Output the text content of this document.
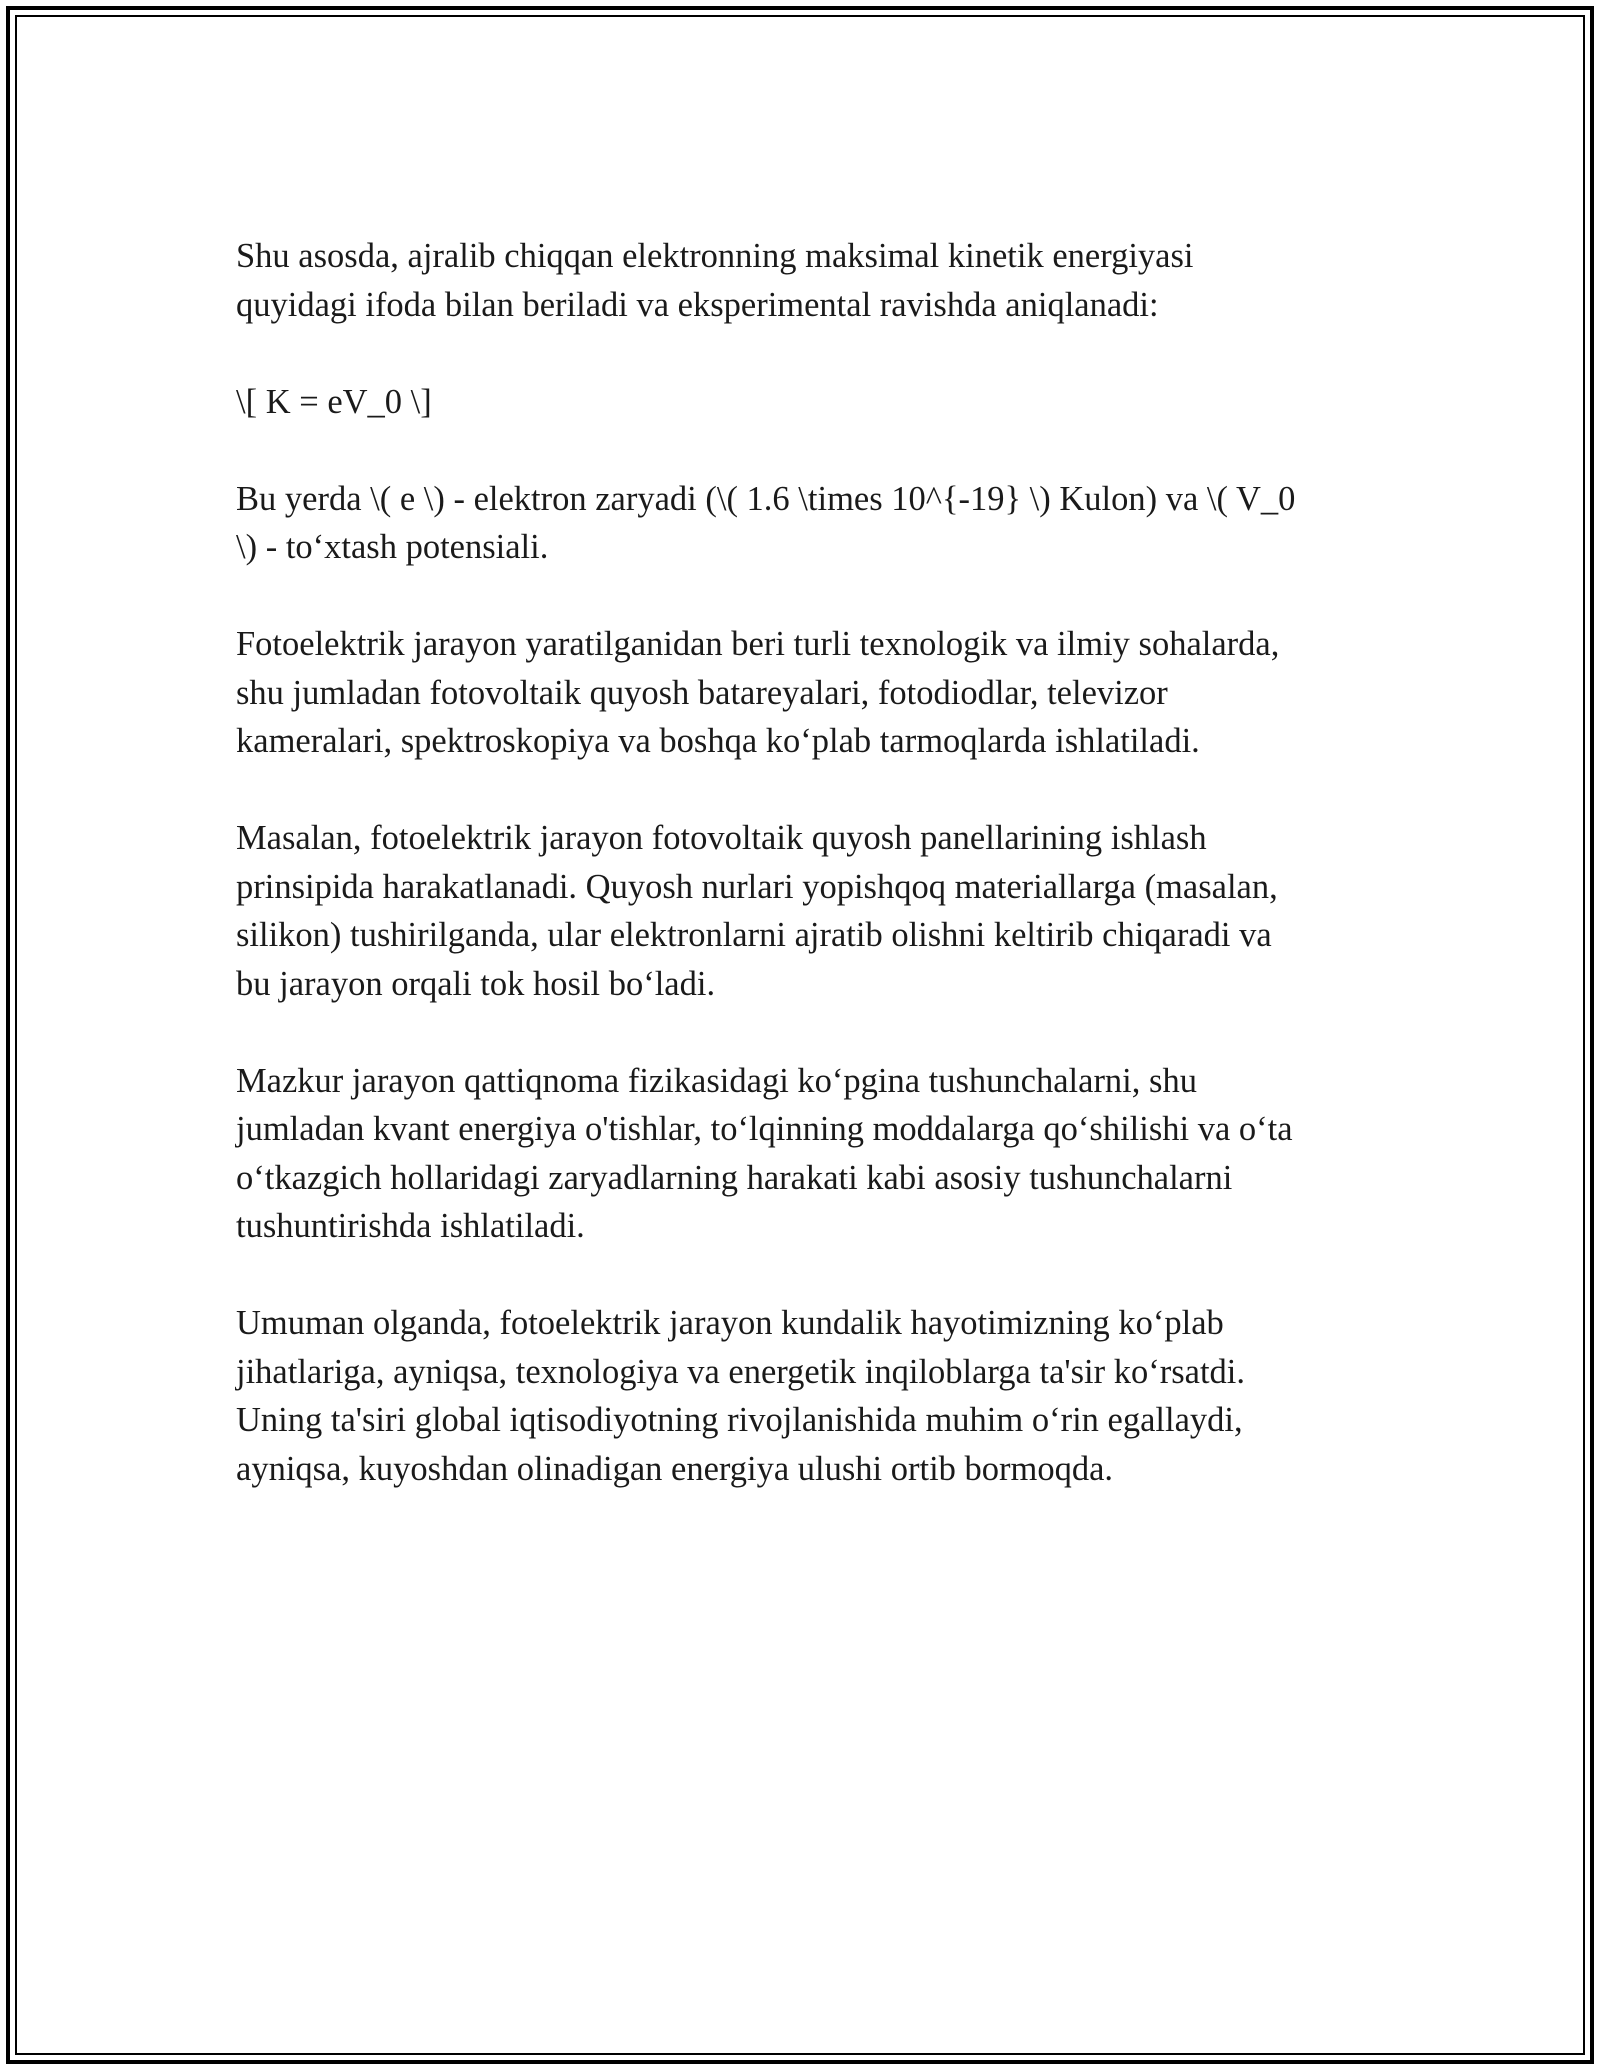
Shu asosda, ajralib chiqqan elektronning maksimal kinetik energiyasi
quyidagi ifoda bilan beriladi va eksperimental ravishda aniqlanadi:

\[ K = eV_0 \]

Bu yerda \( e \) - elektron zaryadi (\( 1.6 \times 10^{-19} \) Kulon) va \( V_0
\) - to‘xtash potensiali.

Fotoelektrik jarayon yaratilganidan beri turli texnologik va ilmiy sohalarda,
shu jumladan fotovoltaik quyosh batareyalari, fotodiodlar, televizor
kameralari, spektroskopiya va boshqa ko‘plab tarmoqlarda ishlatiladi.

Masalan, fotoelektrik jarayon fotovoltaik quyosh panellarining ishlash
prinsipida harakatlanadi. Quyosh nurlari yopishqoq materiallarga (masalan,
silikon) tushirilganda, ular elektronlarni ajratib olishni keltirib chiqaradi va
bu jarayon orqali tok hosil bo‘ladi.

Mazkur jarayon qattiqnoma fizikasidagi ko‘pgina tushunchalarni, shu
jumladan kvant energiya o'tishlar, to‘lqinning moddalarga qo‘shilishi va o‘ta
o‘tkazgich hollaridagi zaryadlarning harakati kabi asosiy tushunchalarni
tushuntirishda ishlatiladi.

Umuman olganda, fotoelektrik jarayon kundalik hayotimizning ko‘plab
jihatlariga, ayniqsa, texnologiya va energetik inqiloblarga ta'sir ko‘rsatdi.
Uning ta'siri global iqtisodiyotning rivojlanishida muhim o‘rin egallaydi,
ayniqsa, kuyoshdan olinadigan energiya ulushi ortib bormoqda.
